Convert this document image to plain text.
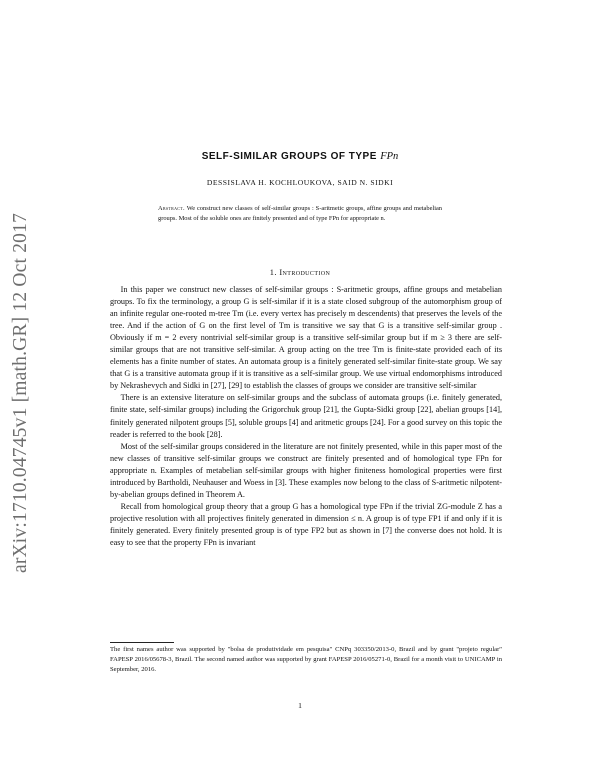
arXiv:1710.04745v1 [math.GR] 12 Oct 2017
SELF-SIMILAR GROUPS OF TYPE FPn
DESSISLAVA H. KOCHLOUKOVA, SAID N. SIDKI
Abstract. We construct new classes of self-similar groups : S-aritmetic groups, affine groups and metabelian groups. Most of the soluble ones are finitely presented and of type FPn for appropriate n.
1. Introduction

In this paper we construct new classes of self-similar groups : S-aritmetic groups, affine groups and metabelian groups. To fix the terminology, a group G is self-similar if it is a state closed subgroup of the automorphism group of an infinite regular one-rooted m-tree Tm (i.e. every vertex has precisely m descendents) that preserves the levels of the tree. And if the action of G on the first level of Tm is transitive we say that G is a transitive self-similar group . Obviously if m = 2 every nontrivial self-similar group is a transitive self-similar group but if m ≥ 3 there are self-similar groups that are not transitive self-similar. A group acting on the tree Tm is finite-state provided each of its elements has a finite number of states. An automata group is a finitely generated self-similar finite-state group. We say that G is a transitive automata group if it is transitive as a self-similar group. We use virtual endomorphisms introduced by Nekrashevych and Sidki in [27], [29] to establish the classes of groups we consider are transitive self-similar

There is an extensive literature on self-similar groups and the subclass of automata groups (i.e. finitely generated, finite state, self-similar groups) including the Grigorchuk group [21], the Gupta-Sidki group [22], abelian groups [14], finitely generated nilpotent groups [5], soluble groups [4] and aritmetic groups [24]. For a good survey on this topic the reader is referred to the book [28].

Most of the self-similar groups considered in the literature are not finitely presented, while in this paper most of the new classes of transitive self-similar groups we construct are finitely presented and of homological type FPn for appropriate n. Examples of metabelian self-similar groups with higher finiteness homological properties were first introduced by Bartholdi, Neuhauser and Woess in [3]. These examples now belong to the class of S-aritmetic nilpotent-by-abelian groups defined in Theorem A.

Recall from homological group theory that a group G has a homological type FPn if the trivial ZG-module Z has a projective resolution with all projectives finitely generated in dimension ≤ n. A group is of type FP1 if and only if it is finitely generated. Every finitely presented group is of type FP2 but as shown in [7] the converse does not hold. It is easy to see that the property FPn is invariant

The first names author was supported by "bolsa de produtividade em pesquisa" CNPq 303350/2013-0, Brazil and by grant "projeto regular" FAPESP 2016/05678-3, Brazil. The second named author was supported by grant FAPESP 2016/05271-0, Brazil for a month visit to UNICAMP in September, 2016.
1
